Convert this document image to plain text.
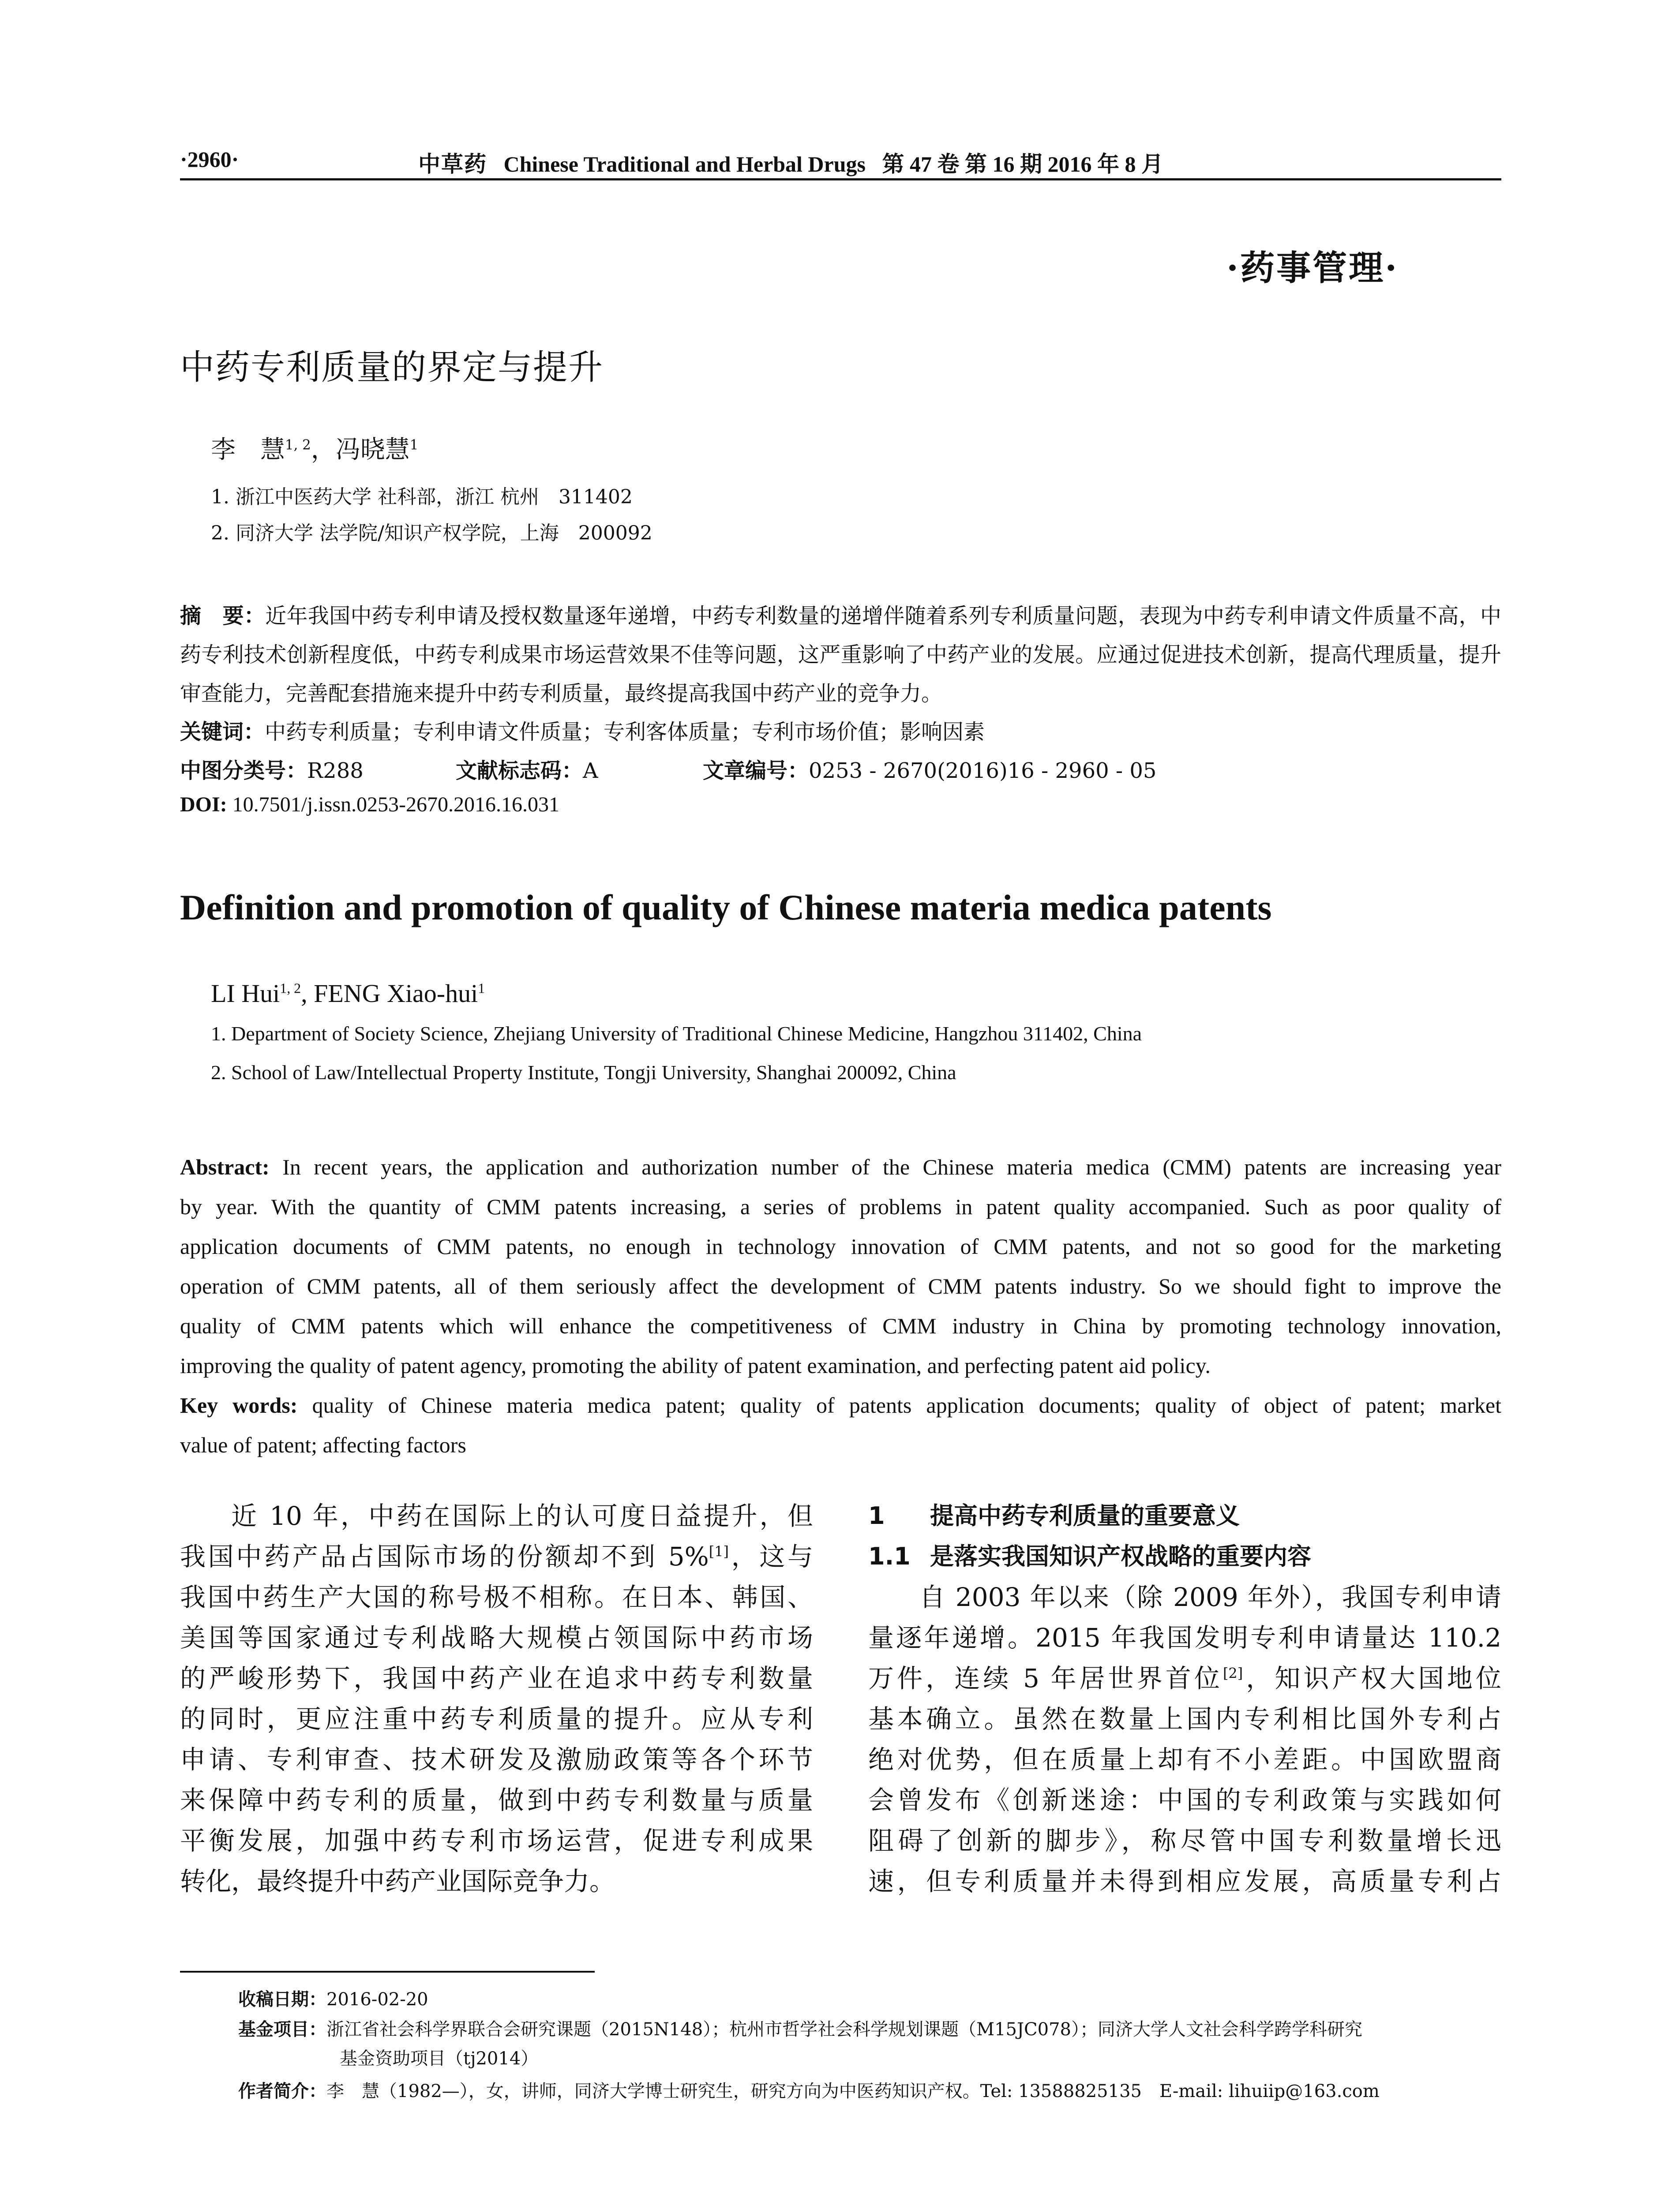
·2960·	中草药 Chinese Traditional and Herbal Drugs 第 47 卷 第 16 期 2016 年 8 月
·药事管理·
中药专利质量的界定与提升
李　慧$^{1, 2}$，冯晓慧$^1$
1. 浙江中医药大学 社科部，浙江 杭州　311402
2. 同济大学 法学院/知识产权学院，上海　200092
摘　要：近年我国中药专利申请及授权数量逐年递增，中药专利数量的递增伴随着系列专利质量问题，表现为中药专利申请文件质量不高，中药专利技术创新程度低，中药专利成果市场运营效果不佳等问题，这严重影响了中药产业的发展。应通过促进技术创新，提高代理质量，提升审查能力，完善配套措施来提升中药专利质量，最终提高我国中药产业的竞争力。
关键词：中药专利质量；专利申请文件质量；专利客体质量；专利市场价值；影响因素
中图分类号：R288	文献标志码：A	文章编号：0253 - 2670(2016)16 - 2960 - 05
DOI: 10.7501/j.issn.0253-2670.2016.16.031
Definition and promotion of quality of Chinese materia medica patents
LI Hui$^{1, 2}$, FENG Xiao-hui$^1$
1. Department of Society Science, Zhejiang University of Traditional Chinese Medicine, Hangzhou 311402, China
2. School of Law/Intellectual Property Institute, Tongji University, Shanghai 200092, China
Abstract: In recent years, the application and authorization number of the Chinese materia medica (CMM) patents are increasing year
by year. With the quantity of CMM patents increasing, a series of problems in patent quality accompanied. Such as poor quality of
application documents of CMM patents, no enough in technology innovation of CMM patents, and not so good for the marketing
operation of CMM patents, all of them seriously affect the development of CMM patents industry. So we should fight to improve the
quality of CMM patents which will enhance the competitiveness of CMM industry in China by promoting technology innovation,
improving the quality of patent agency, promoting the ability of patent examination, and perfecting patent aid policy.
Key words: quality of Chinese materia medica patent; quality of patents application documents; quality of object of patent; market
value of patent; affecting factors
近 10 年，中药在国际上的认可度日益提升，但
我国中药产品占国际市场的份额却不到 5%[1]，这与
我国中药生产大国的称号极不相称。在日本、韩国、
美国等国家通过专利战略大规模占领国际中药市场
的严峻形势下，我国中药产业在追求中药专利数量
的同时，更应注重中药专利质量的提升。应从专利
申请、专利审查、技术研发及激励政策等各个环节
来保障中药专利的质量，做到中药专利数量与质量
平衡发展，加强中药专利市场运营，促进专利成果
转化，最终提升中药产业国际竞争力。
1 提高中药专利质量的重要意义
1.1 是落实我国知识产权战略的重要内容
自 2003 年以来（除 2009 年外），我国专利申请
量逐年递增。2015 年我国发明专利申请量达 110.2
万件，连续 5 年居世界首位[2]，知识产权大国地位
基本确立。虽然在数量上国内专利相比国外专利占
绝对优势，但在质量上却有不小差距。中国欧盟商
会曾发布《创新迷途：中国的专利政策与实践如何
阻碍了创新的脚步》，称尽管中国专利数量增长迅
速，但专利质量并未得到相应发展，高质量专利占
收稿日期：2016-02-20
基金项目：浙江省社会科学界联合会研究课题（2015N148）；杭州市哲学社会科学规划课题（M15JC078）；同济大学人文社会科学跨学科研究
基金资助项目（tj2014）
作者简介：李　慧（1982—），女，讲师，同济大学博士研究生，研究方向为中医药知识产权。Tel: 13588825135　E-mail: lihuiip@163.com
